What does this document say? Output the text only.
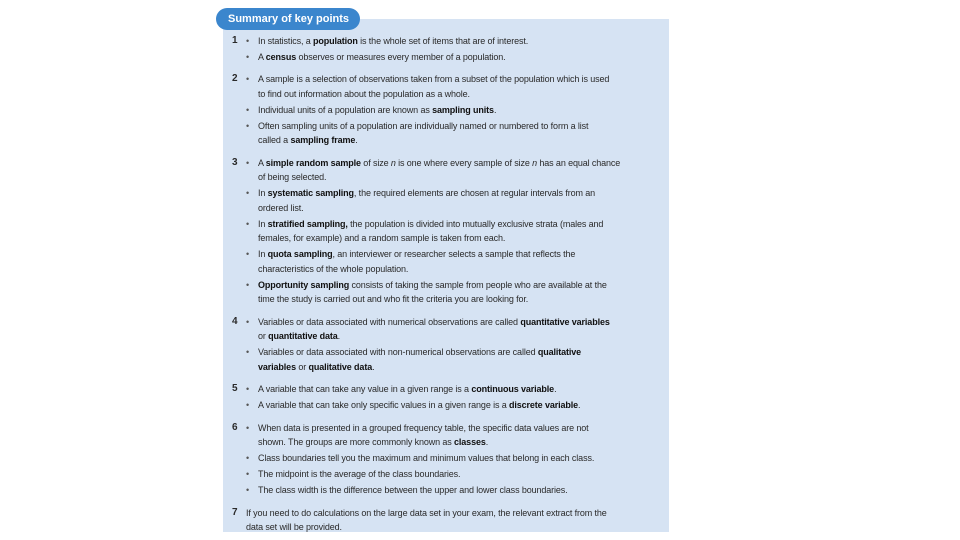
Summary of key points
1 • In statistics, a population is the whole set of items that are of interest.
• A census observes or measures every member of a population.
2 • A sample is a selection of observations taken from a subset of the population which is used
to find out information about the population as a whole.
• Individual units of a population are known as sampling units.
• Often sampling units of a population are individually named or numbered to form a list
called a sampling frame.
3 • A simple random sample of size n is one where every sample of size n has an equal chance
of being selected.
• In systematic sampling, the required elements are chosen at regular intervals from an
ordered list.
• In stratified sampling, the population is divided into mutually exclusive strata (males and
females, for example) and a random sample is taken from each.
• In quota sampling, an interviewer or researcher selects a sample that reflects the
characteristics of the whole population.
• Opportunity sampling consists of taking the sample from people who are available at the
time the study is carried out and who fit the criteria you are looking for.
4 • Variables or data associated with numerical observations are called quantitative variables
or quantitative data.
• Variables or data associated with non-numerical observations are called qualitative
variables or qualitative data.
5 • A variable that can take any value in a given range is a continuous variable.
• A variable that can take only specific values in a given range is a discrete variable.
6 • When data is presented in a grouped frequency table, the specific data values are not
shown. The groups are more commonly known as classes.
• Class boundaries tell you the maximum and minimum values that belong in each class.
• The midpoint is the average of the class boundaries.
• The class width is the difference between the upper and lower class boundaries.
7 If you need to do calculations on the large data set in your exam, the relevant extract from the
data set will be provided.
